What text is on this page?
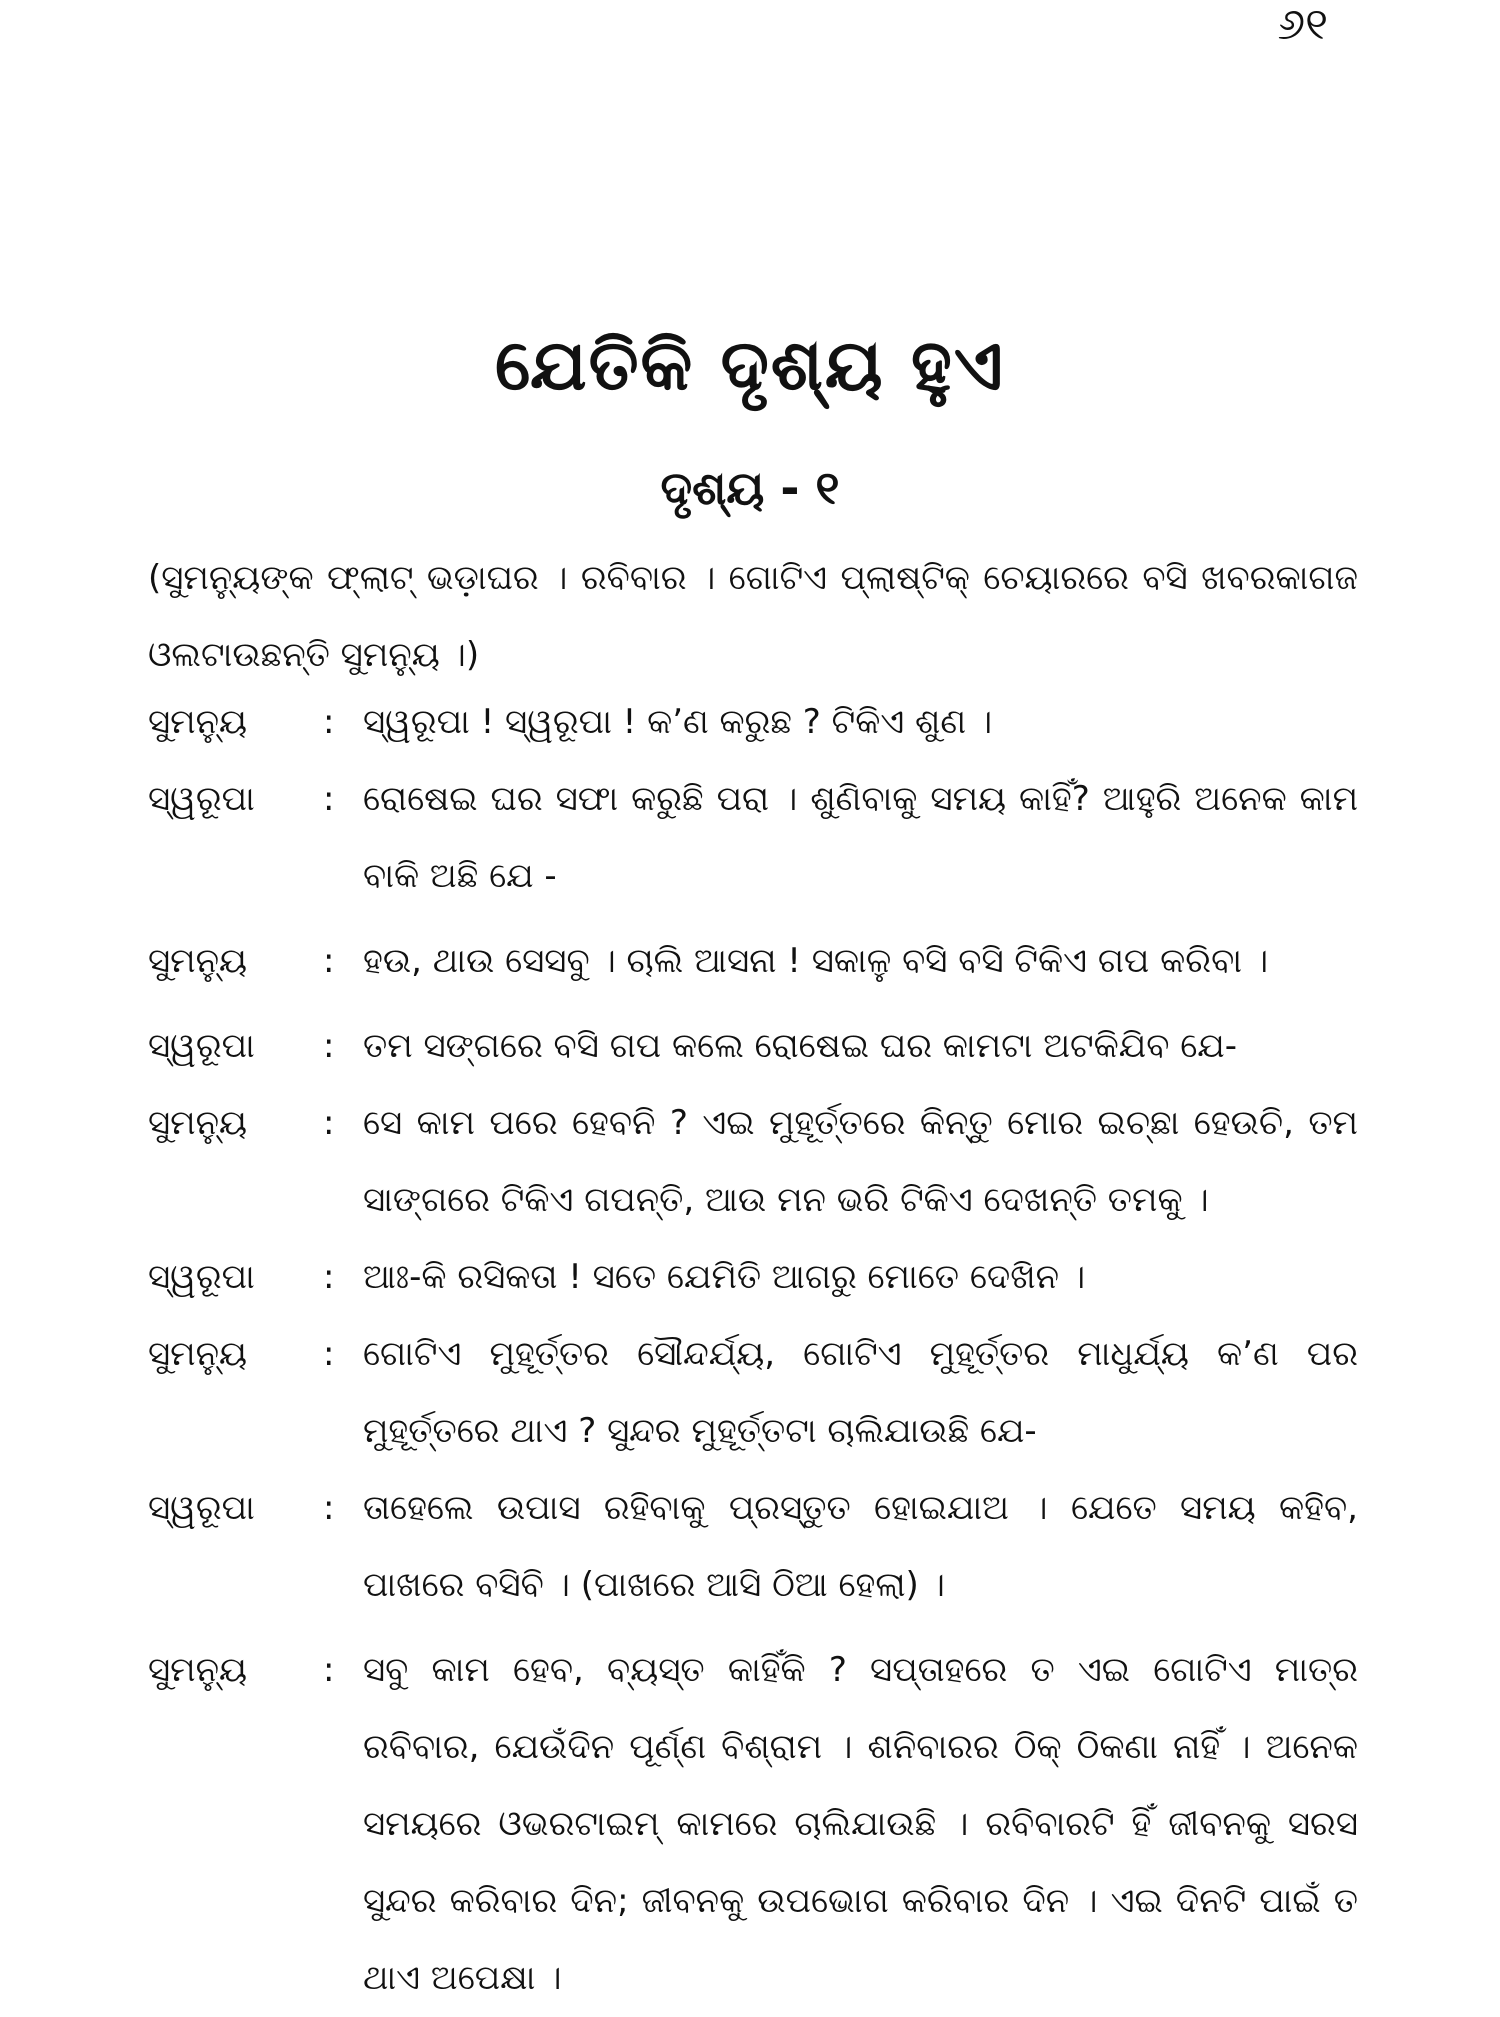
୬୧
ଯେତିକି ଦୃଶ୍ୟ ହୁଏ
ଦୃଶ୍ୟ - ୧

(ସୁମନ୍ୟୁଙ୍କ ଫ୍ଲାଟ୍ ଭଡ଼ାଘର । ରବିବାର । ଗୋଟିଏ ପ୍ଲାଷ୍ଟିକ୍ ଚେୟାରରେ ବସି ଖବରକାଗଜ ଓଲଟାଉଛନ୍ତି ସୁମନ୍ୟୁ ।)

ସୁମନ୍ୟୁ	: ସ୍ୱରୂପା ! ସ୍ୱରୂପା ! କ’ଣ କରୁଛ ? ଟିକିଏ ଶୁଣ ।
ସ୍ୱରୂପା	: ରୋଷେଇ ଘର ସଫା କରୁଛି ପରା । ଶୁଣିବାକୁ ସମୟ କାହିଁ? ଆହୁରି ଅନେକ କାମ ବାକି ଅଛି ଯେ -
ସୁମନ୍ୟୁ	: ହଉ, ଥାଉ ସେସବୁ । ଚାଲି ଆସନା ! ସକାଳୁ ବସି ବସି ଟିକିଏ ଗପ କରିବା ।
ସ୍ୱରୂପା	: ତମ ସଙ୍ଗରେ ବସି ଗପ କଲେ ରୋଷେଇ ଘର କାମଟା ଅଟକିଯିବ ଯେ-
ସୁମନ୍ୟୁ	: ସେ କାମ ପରେ ହେବନି ? ଏଇ ମୁହୂର୍ତ୍ତରେ କିନ୍ତୁ ମୋର ଇଚ୍ଛା ହେଉଚି, ତମ ସାଙ୍ଗରେ ଟିକିଏ ଗପନ୍ତି, ଆଉ ମନ ଭରି ଟିକିଏ ଦେଖନ୍ତି ତମକୁ ।
ସ୍ୱରୂପା	: ଆଃ-କି ରସିକତା ! ସତେ ଯେମିତି ଆଗରୁ ମୋତେ ଦେଖିନ ।
ସୁମନ୍ୟୁ	: ଗୋଟିଏ ମୁହୂର୍ତ୍ତର ସୌନ୍ଦର୍ଯ୍ୟ, ଗୋଟିଏ ମୁହୂର୍ତ୍ତର ମାଧୁର୍ଯ୍ୟ କ’ଣ ପର ମୁହୂର୍ତ୍ତରେ ଥାଏ ? ସୁନ୍ଦର ମୁହୂର୍ତ୍ତଟା ଚାଲିଯାଉଛି ଯେ-
ସ୍ୱରୂପା	: ତାହେଲେ ଉପାସ ରହିବାକୁ ପ୍ରସ୍ତୁତ ହୋଇଯାଅ । ଯେତେ ସମୟ କହିବ, ପାଖରେ ବସିବି । (ପାଖରେ ଆସି ଠିଆ ହେଲା) ।
ସୁମନ୍ୟୁ	: ସବୁ କାମ ହେବ, ବ୍ୟସ୍ତ କାହିଁକି ? ସପ୍ତାହରେ ତ ଏଇ ଗୋଟିଏ ମାତ୍ର ରବିବାର, ଯେଉଁଦିନ ପୂର୍ଣ୍ଣ ବିଶ୍ରାମ । ଶନିବାରର ଠିକ୍ ଠିକଣା ନାହିଁ । ଅନେକ ସମୟରେ ଓଭରଟାଇମ୍ କାମରେ ଚାଲିଯାଉଛି । ରବିବାରଟି ହିଁ ଜୀବନକୁ ସରସ ସୁନ୍ଦର କରିବାର ଦିନ; ଜୀବନକୁ ଉପଭୋଗ କରିବାର ଦିନ । ଏଇ ଦିନଟି ପାଇଁ ତ ଥାଏ ଅପେକ୍ଷା ।
